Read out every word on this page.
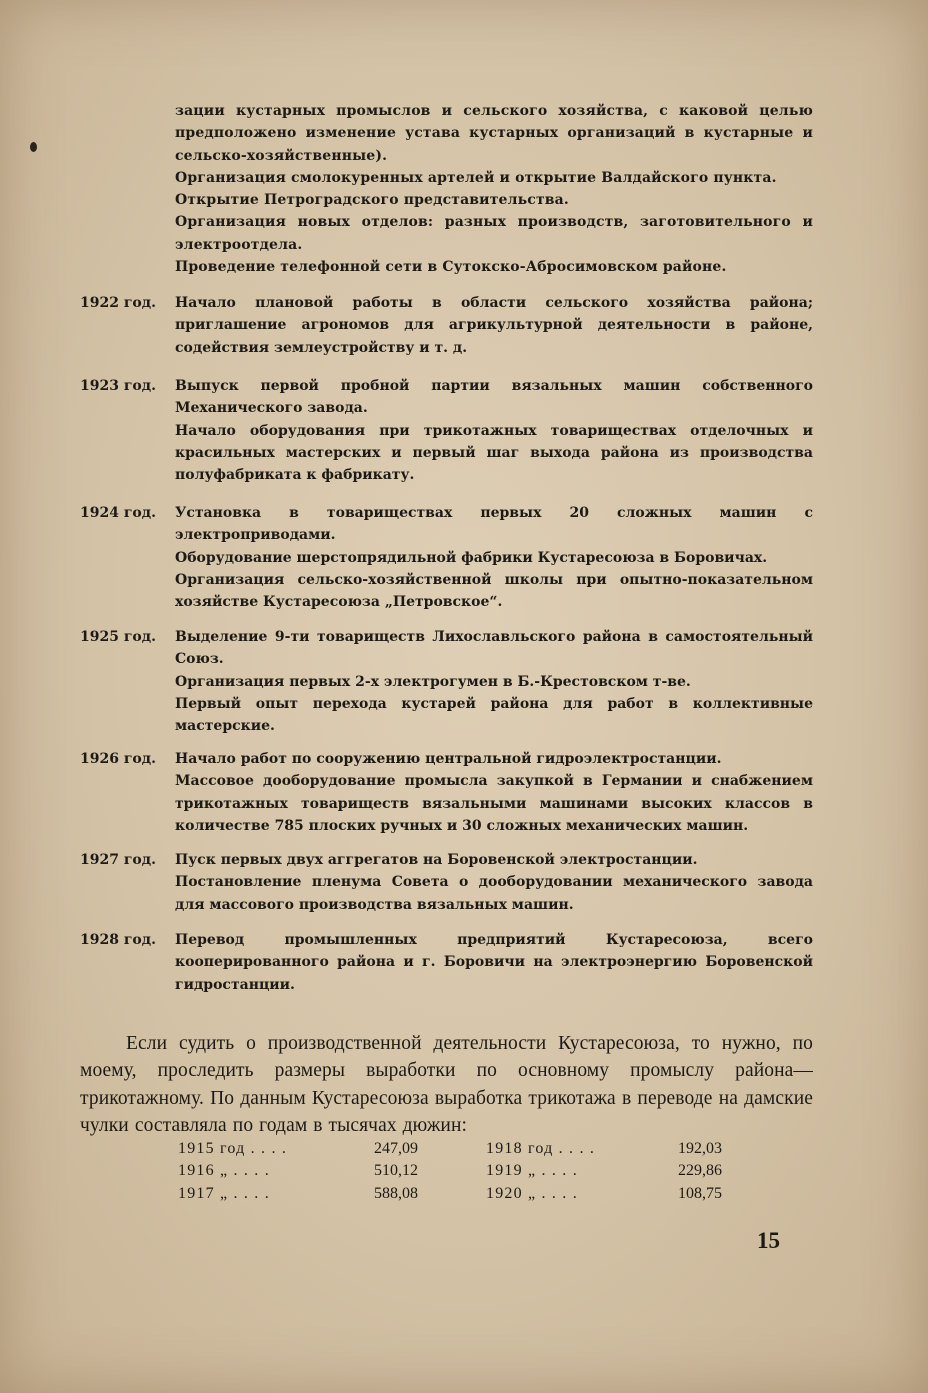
зации кустарных промыслов и сельского хозяйства, с каковой целью предположено изменение устава кустарных организаций в кустарные и сельско-хозяйственные).

Организация смолокуренных артелей и открытие Валдайского пункта.

Открытие Петроградского представительства.

Организация новых отделов: разных производств, заготовительного и электроотдела.

Проведение телефонной сети в Сутокско-Абросимовском районе.

1922 год.	Начало плановой работы в области сельского хозяйства района; приглашение агрономов для агрикультурной деятельности в районе, содействия землеустройству и т. д.

1923 год.	Выпуск первой пробной партии вязальных машин собственного Механического завода.

Начало оборудования при трикотажных товариществах отделочных и красильных мастерских и первый шаг выхода района из производства полуфабриката к фабрикату.

1924 год.	Установка в товариществах первых 20 сложных машин с электроприводами.

Оборудование шерстопрядильной фабрики Кустаресоюза в Боровичах.

Организация сельско-хозяйственной школы при опытно-показательном хозяйстве Кустаресоюза „Петровское“.

1925 год.	Выделение 9-ти товариществ Лихославльского района в самостоятельный Союз.

Организация первых 2-х электрогумен в Б.-Крестовском т-ве.

Первый опыт перехода кустарей района для работ в коллективные мастерские.

1926 год.	Начало работ по сооружению центральной гидроэлектростанции.

Массовое дооборудование промысла закупкой в Германии и снабжением трикотажных товариществ вязальными машинами высоких классов в количестве 785 плоских ручных и 30 сложных механических машин.

1927 год.	Пуск первых двух аггрегатов на Боровенской электростанции.

Постановление пленума Совета о дооборудовании механического завода для массового производства вязальных машин.

1928 год.	Перевод промышленных предприятий Кустаресоюза, всего кооперированного района и г. Боровичи на электроэнергию Боровенской гидростанции.

Если судить о производственной деятельности Кустаресоюза, то нужно, по моему, проследить размеры выработки по основному промыслу района—трикотажному. По данным Кустаресоюза выработка трикотажа в переводе на дамские чулки составляла по годам в тысячах дюжин:

1915 год . . . .	247,09
1916 „ . . . .	510,12
1917 „ . . . .	588,08
1918 год . . . .	192,03
1919 „ . . . .	229,86
1920 „ . . . .	108,75
15
